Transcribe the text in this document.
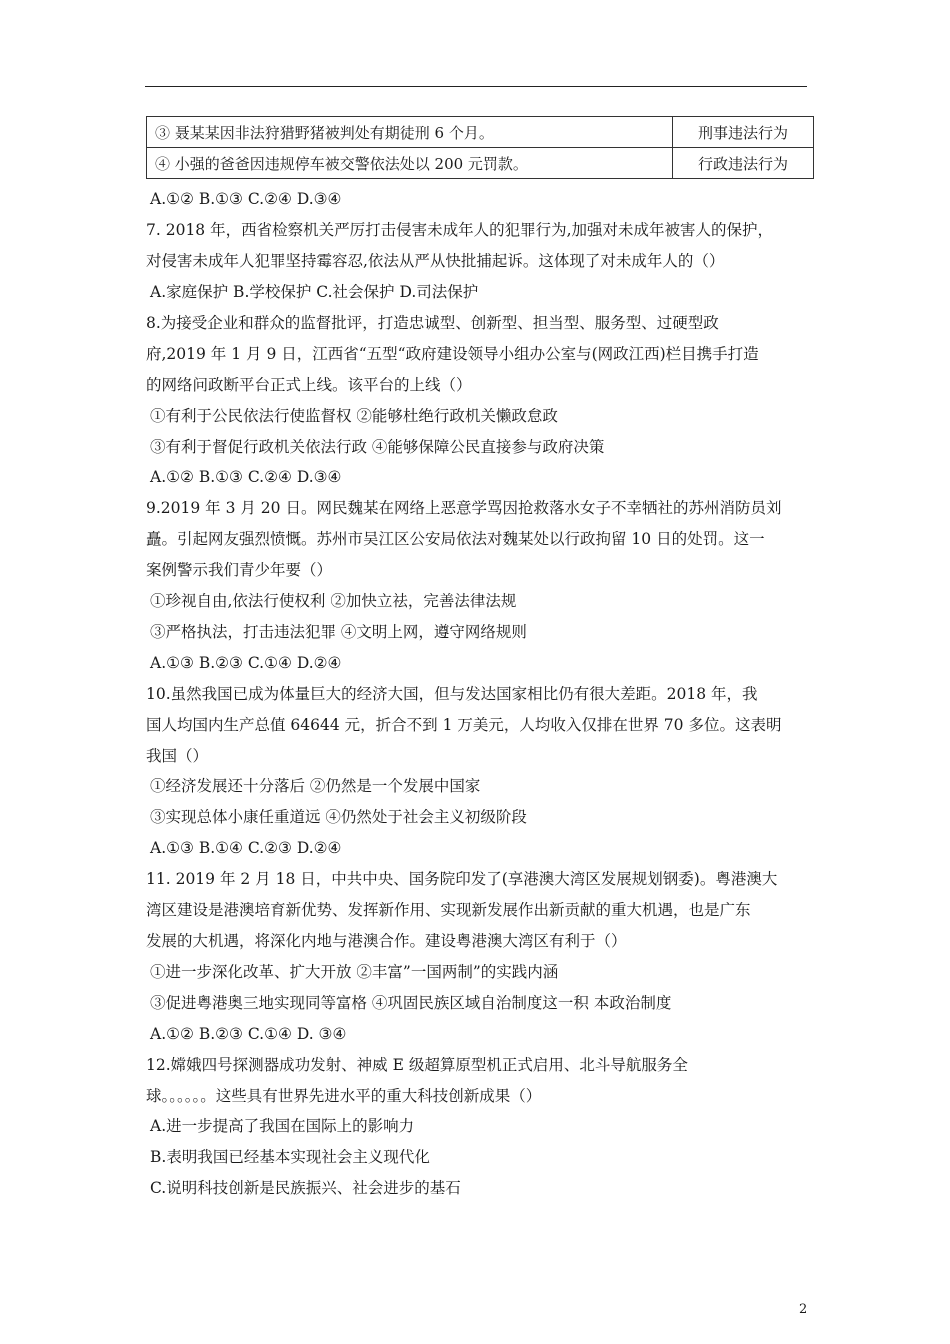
③ 聂某某因非法狩猎野猪被判处有期徒刑 6 个月。	刑事违法行为
④ 小强的爸爸因违规停车被交警依法处以 200 元罚款。	行政违法行为
A.①② B.①③ C.②④ D.③④
7. 2018 年，西省检察机关严厉打击侵害未成年人的犯罪行为,加强对未成年被害人的保护，
对侵害未成年人犯罪坚持霉容忍,依法从严从快批捕起诉。这体现了对未成年人的（）
A.家庭保护 B.学校保护 C.社会保护 D.司法保护
8.为接受企业和群众的监督批评，打造忠诚型、创新型、担当型、服务型、过硬型政
府,2019 年 1 月 9 日，江西省“五型“政府建设领导小组办公室与(网政江西)栏目携手打造
的网络问政断平台正式上线。该平台的上线（）
①有利于公民依法行使监督权 ②能够杜绝行政机关懒政怠政
③有利于督促行政机关依法行政 ④能够保障公民直接参与政府决策
A.①② B.①③ C.②④ D.③④
9.2019 年 3 月 20 日。网民魏某在网络上恶意学骂因抢救落水女子不幸牺社的苏州消防员刘
矗。引起网友强烈愤慨。苏州市吴江区公安局依法对魏某处以行政拘留 10 日的处罚。这一
案例警示我们青少年要（）
①珍视自由,依法行使权利 ②加快立祛，完善法律法规
③严格执法，打击违法犯罪 ④文明上网，遵守网络规则
A.①③ B.②③ C.①④ D.②④
10.虽然我国已成为体量巨大的经济大国，但与发达国家相比仍有很大差距。2018 年，我
国人均国内生产总值 64644 元，折合不到 1 万美元，人均收入仅排在世界 70 多位。这表明
我国（）
①经济发展还十分落后 ②仍然是一个发展中国家
③实现总体小康任重道远 ④仍然处于社会主义初级阶段
A.①③ B.①④ C.②③ D.②④
11. 2019 年 2 月 18 日，中共中央、国务院印发了(享港澳大湾区发展规划钢委)。粤港澳大
湾区建设是港澳培育新优势、发挥新作用、实现新发展作出新贡献的重大机遇，也是广东
发展的大机遇，将深化内地与港澳合作。建设粤港澳大湾区有利于（）
①进一步深化改革、扩大开放 ②丰富”一国两制”的实践内涵
③促进粤港奥三地实现同等富格 ④巩固民族区域自治制度这一积 本政治制度
A.①② B.②③ C.①④ D. ③④
12.嫦娥四号探测器成功发射、神威 E 级超算原型机正式启用、北斗导航服务全
球。。。。。。这些具有世界先进水平的重大科技创新成果（）
A.进一步提高了我国在国际上的影响力
B.表明我国已经基本实现社会主义现代化
C.说明科技创新是民族振兴、社会进步的基石
2
